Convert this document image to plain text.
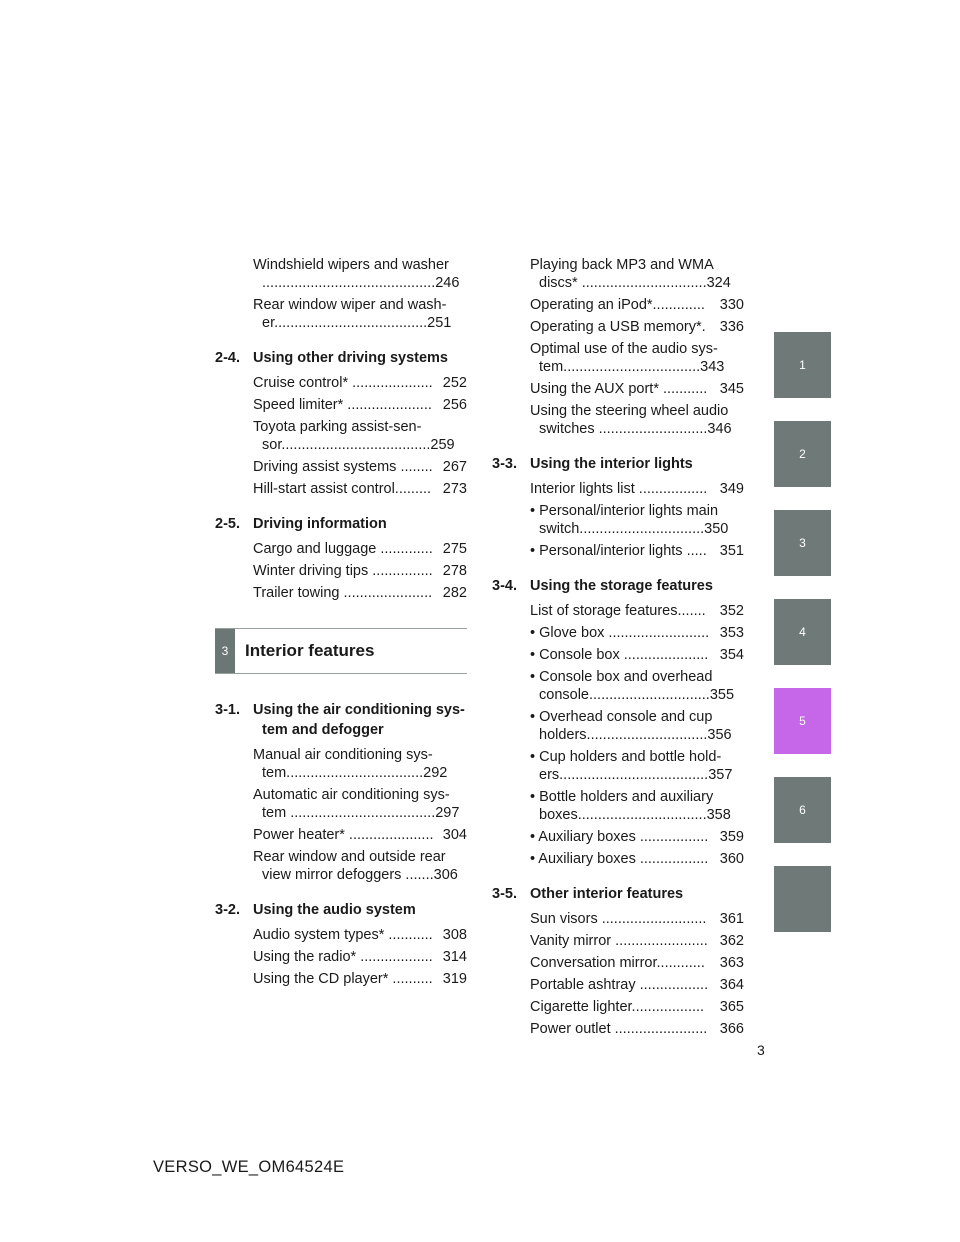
Windshield wipers and washer
...........................................246
Rear window wiper and wash-
er......................................251
2-4. Using other driving systems
Cruise control* .................... 252
Speed limiter* ..................... 256
Toyota parking assist-sen-
sor.....................................259
Driving assist systems ........ 267
Hill-start assist control......... 273
2-5. Driving information
Cargo and luggage ............. 275
Winter driving tips ............... 278
Trailer towing ...................... 282
3 Interior features
3-1. Using the air conditioning sys-
tem and defogger
Manual air conditioning sys-
tem..................................292
Automatic air conditioning sys-
tem ....................................297
Power heater* ..................... 304
Rear window and outside rear
view mirror defoggers .......306
3-2. Using the audio system
Audio system types* ........... 308
Using the radio* .................. 314
Using the CD player* .......... 319
Playing back MP3 and WMA
discs* ...............................324
Operating an iPod*.............	330
Operating a USB memory*. 336
Optimal use of the audio sys-
tem..................................343
Using the AUX port* ........... 345
Using the steering wheel audio
switches ...........................346
3-3. Using the interior lights
Interior lights list ................. 349
• Personal/interior lights main
switch...............................350
• Personal/interior lights ..... 351
3-4. Using the storage features
List of storage features....... 352
• Glove box ......................... 353
• Console box ..................... 354
• Console box and overhead
console..............................355
• Overhead console and cup
holders..............................356
• Cup holders and bottle hold-
ers.....................................357
• Bottle holders and auxiliary
boxes................................358
• Auxiliary boxes ................. 359
• Auxiliary boxes ................. 360
3-5. Other interior features
Sun visors .......................... 361
Vanity mirror ....................... 362
Conversation mirror............	363
Portable ashtray ................. 364
Cigarette lighter..................	365
Power outlet ....................... 366
1
2
3
4
5
6
3
VERSO_WE_OM64524E
